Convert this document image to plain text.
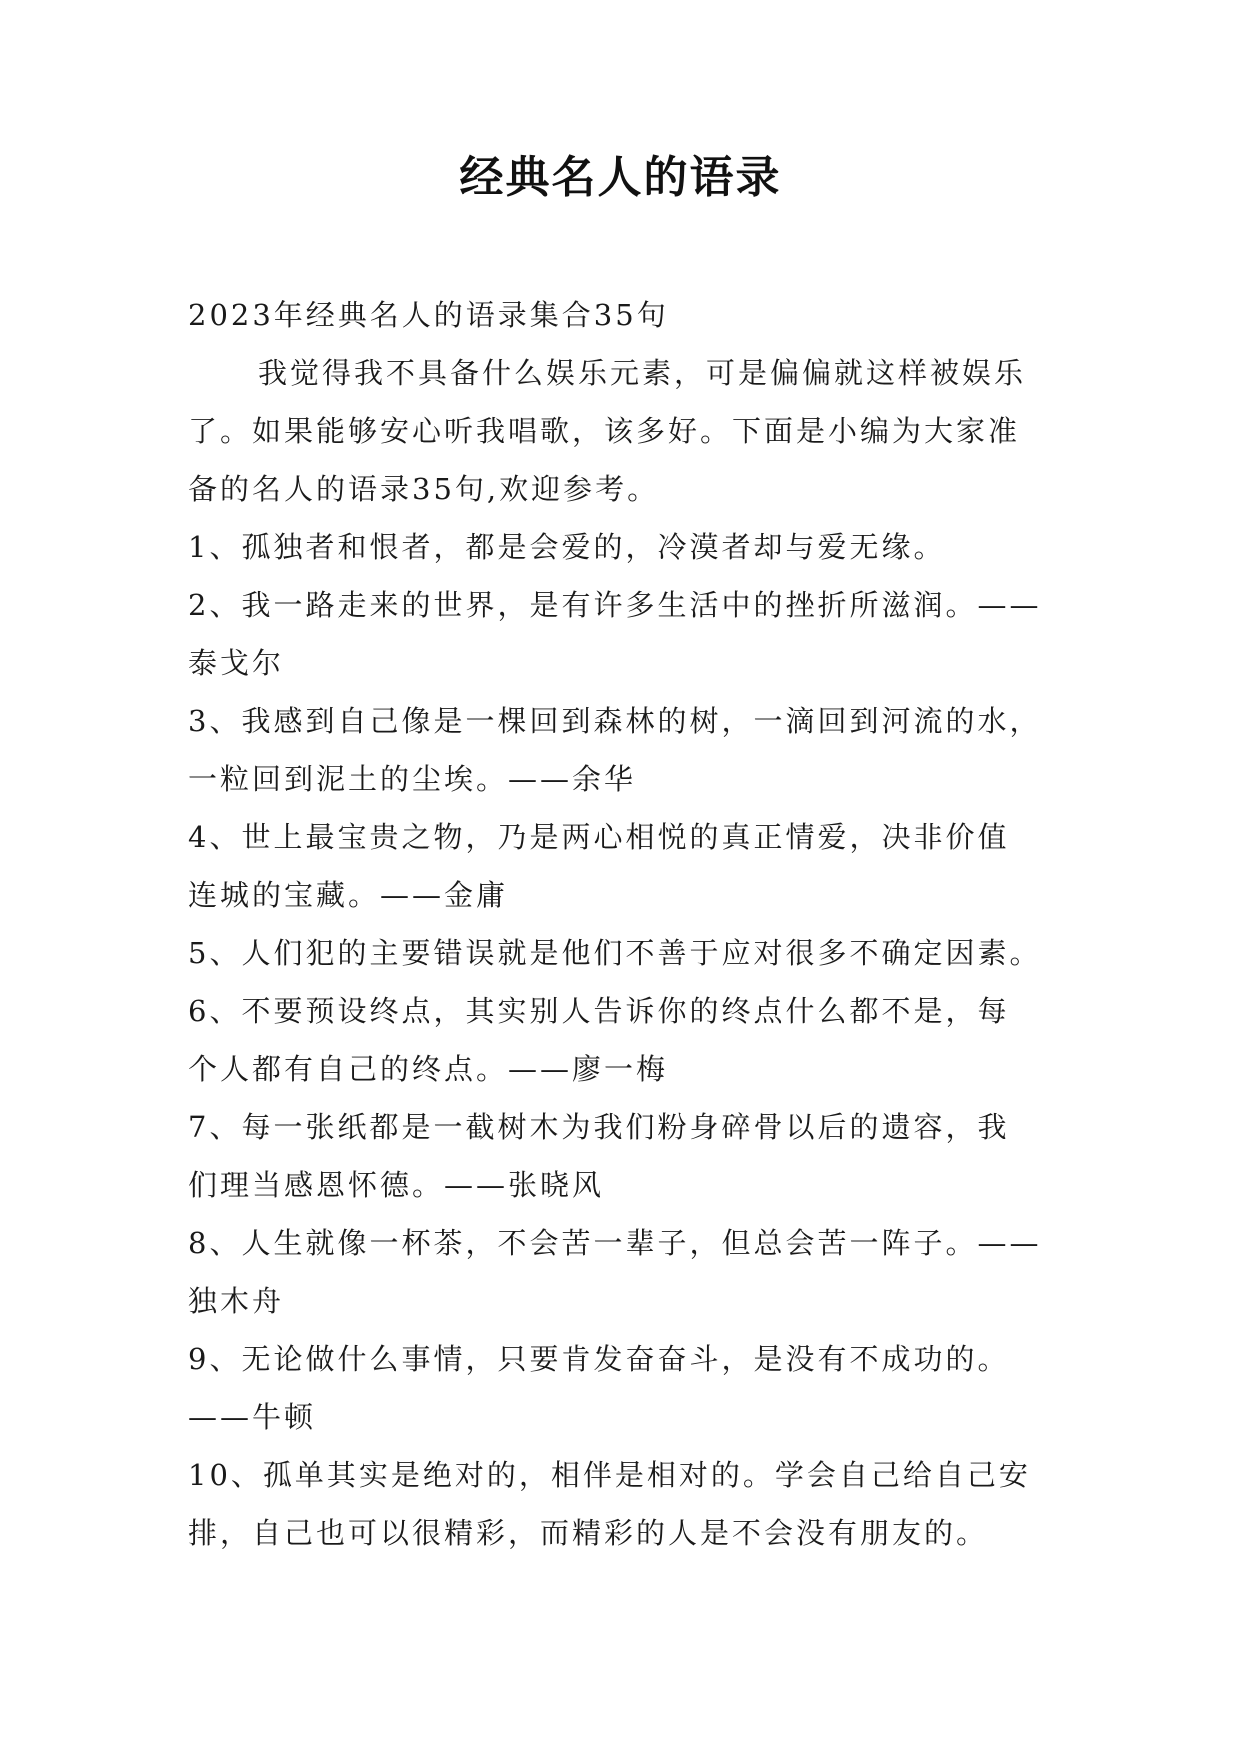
经典名人的语录
2023年经典名人的语录集合35句
我觉得我不具备什么娱乐元素，可是偏偏就这样被娱乐
了。如果能够安心听我唱歌，该多好。下面是小编为大家准
备的名人的语录35句,欢迎参考。
1、孤独者和恨者，都是会爱的，冷漠者却与爱无缘。
2、我一路走来的世界，是有许多生活中的挫折所滋润。——
泰戈尔
3、我感到自己像是一棵回到森林的树，一滴回到河流的水，
一粒回到泥土的尘埃。——余华
4、世上最宝贵之物，乃是两心相悦的真正情爱，决非价值
连城的宝藏。——金庸
5、人们犯的主要错误就是他们不善于应对很多不确定因素。
6、不要预设终点，其实别人告诉你的终点什么都不是，每
个人都有自己的终点。——廖一梅
7、每一张纸都是一截树木为我们粉身碎骨以后的遗容，我
们理当感恩怀德。——张晓风
8、人生就像一杯茶，不会苦一辈子，但总会苦一阵子。——
独木舟
9、无论做什么事情，只要肯发奋奋斗，是没有不成功的。
——牛顿
10、孤单其实是绝对的，相伴是相对的。学会自己给自己安
排，自己也可以很精彩，而精彩的人是不会没有朋友的。
